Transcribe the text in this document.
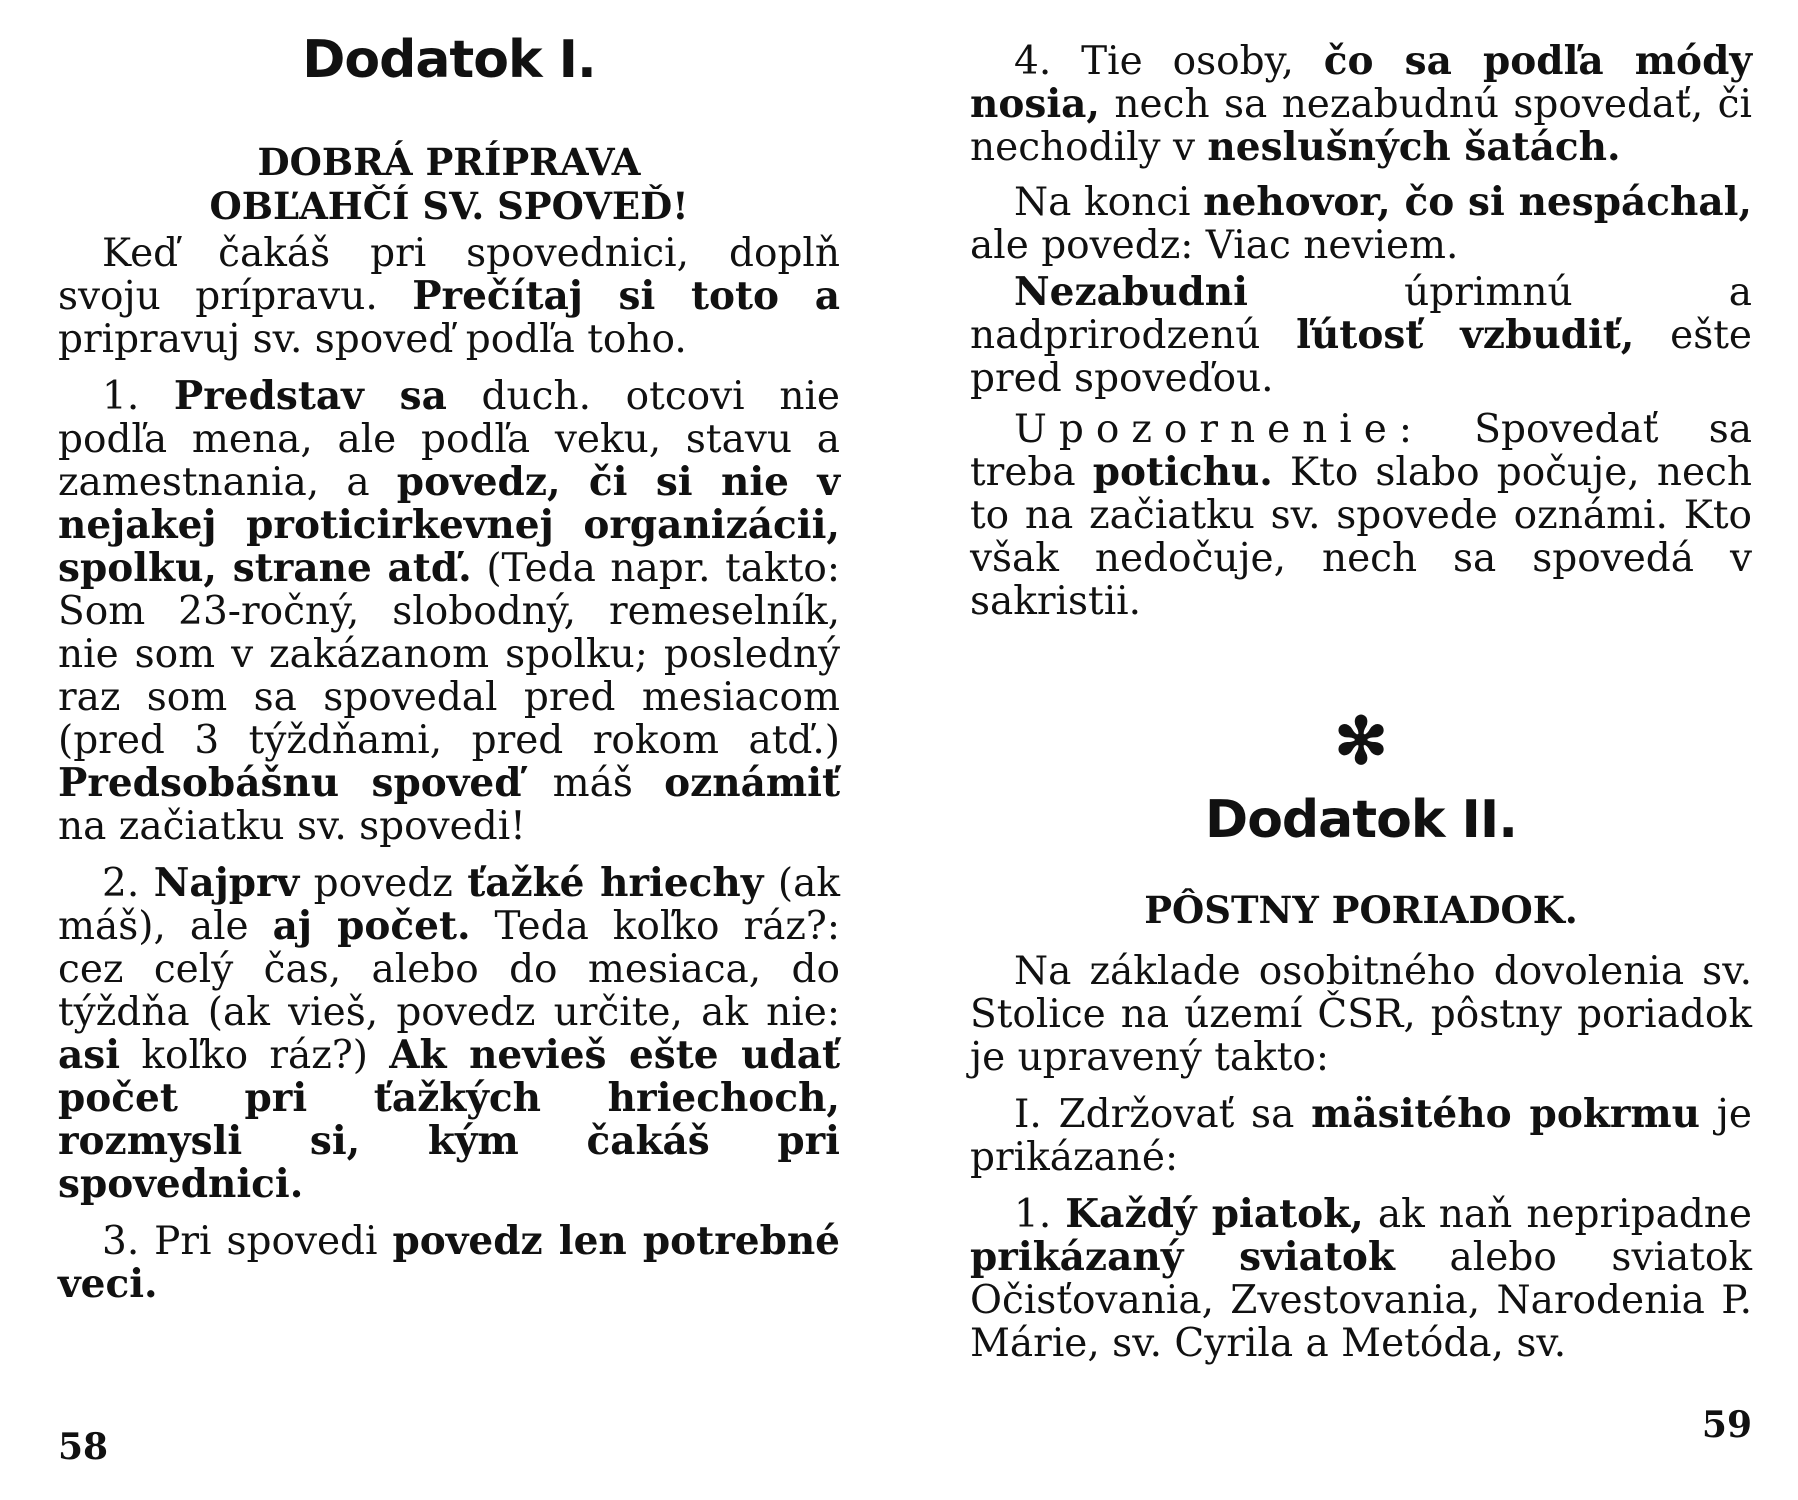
Dodatok I.

DOBRÁ PRÍPRAVA

OBĽAHČÍ SV. SPOVEĎ!

Keď čakáš pri spovednici, doplň svoju prípravu. Prečítaj si toto a pripravuj sv. spoveď podľa toho.

1. Predstav sa duch. otcovi nie podľa mena, ale podľa veku, stavu a zamestnania, a povedz, či si nie v nejakej proticirkevnej organizácii, spolku, strane atď. (Teda napr. takto: Som 23-ročný, slobodný, remeselník, nie som v zakázanom spolku; posledný raz som sa spovedal pred mesiacom (pred 3 týždňami, pred rokom atď.) Predsobášnu spoveď máš oznámiť na začiatku sv. spovedi!

2. Najprv povedz ťažké hriechy (ak máš), ale aj počet. Teda koľko ráz?: cez celý čas, alebo do mesiaca, do týždňa (ak vieš, povedz určite, ak nie: asi koľko ráz?) Ak nevieš ešte udať počet pri ťažkých hriechoch, rozmysli si, kým čakáš pri spovednici.

3. Pri spovedi povedz len potrebné veci.

58

4. Tie osoby, čo sa podľa módy nosia, nech sa nezabudnú spovedať, či nechodily v neslušných šatách.

Na konci nehovor, čo si nespáchal, ale povedz: Viac neviem.

Nezabudni úprimnú a nadprirodzenú ľútosť vzbudiť, ešte pred spoveďou.

Upozornenie: Spovedať sa treba potichu. Kto slabo počuje, nech to na začiatku sv. spovede oznámi. Kto však nedočuje, nech sa spovedá v sakristii.

✻

Dodatok II.

PÔSTNY PORIADOK.

Na základe osobitného dovolenia sv. Stolice na území ČSR, pôstny poriadok je upravený takto:

I. Zdržovať sa mäsitého pokrmu je prikázané:

1. Každý piatok, ak naň nepripadne prikázaný sviatok alebo sviatok Očisťovania, Zvestovania, Narodenia P. Márie, sv. Cyrila a Metóda, sv.

59
